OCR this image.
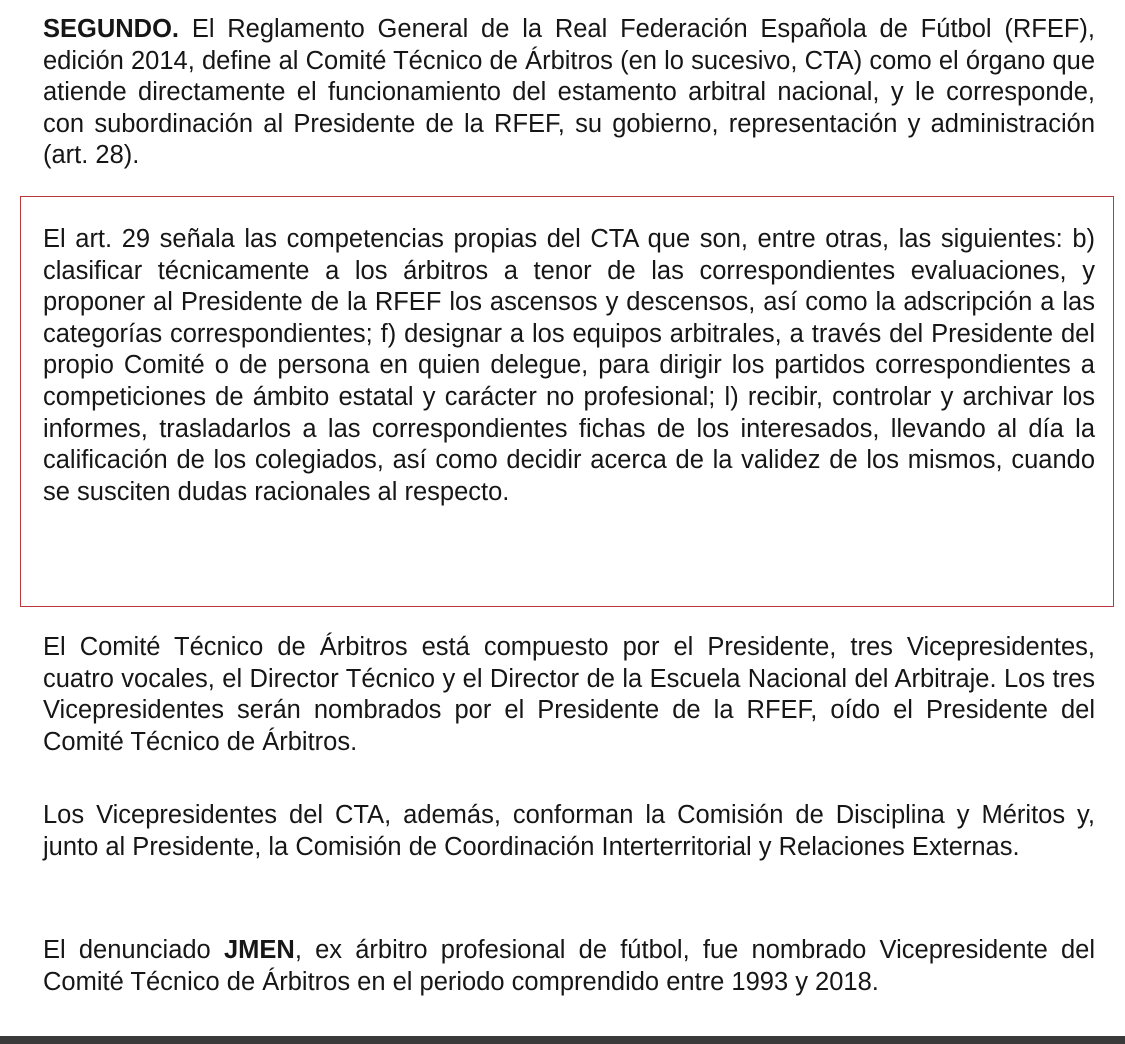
SEGUNDO. El Reglamento General de la Real Federación Española de Fútbol (RFEF), edición 2014, define al Comité Técnico de Árbitros (en lo sucesivo, CTA) como el órgano que atiende directamente el funcionamiento del estamento arbitral nacional, y le corresponde, con subordinación al Presidente de la RFEF, su gobierno, representación y administración (art. 28).

El art. 29 señala las competencias propias del CTA que son, entre otras, las siguientes: b) clasificar técnicamente a los árbitros a tenor de las correspondientes evaluaciones, y proponer al Presidente de la RFEF los ascensos y descensos, así como la adscripción a las categorías correspondientes; f) designar a los equipos arbitrales, a través del Presidente del propio Comité o de persona en quien delegue, para dirigir los partidos correspondientes a competiciones de ámbito estatal y carácter no profesional; l) recibir, controlar y archivar los informes, trasladarlos a las correspondientes fichas de los interesados, llevando al día la calificación de los colegiados, así como decidir acerca de la validez de los mismos, cuando se susciten dudas racionales al respecto.

El Comité Técnico de Árbitros está compuesto por el Presidente, tres Vicepresidentes, cuatro vocales, el Director Técnico y el Director de la Escuela Nacional del Arbitraje. Los tres Vicepresidentes serán nombrados por el Presidente de la RFEF, oído el Presidente del Comité Técnico de Árbitros.

Los Vicepresidentes del CTA, además, conforman la Comisión de Disciplina y Méritos y, junto al Presidente, la Comisión de Coordinación Interterritorial y Relaciones Externas.

El denunciado JMEN, ex árbitro profesional de fútbol, fue nombrado Vicepresidente del Comité Técnico de Árbitros en el periodo comprendido entre 1993 y 2018.
